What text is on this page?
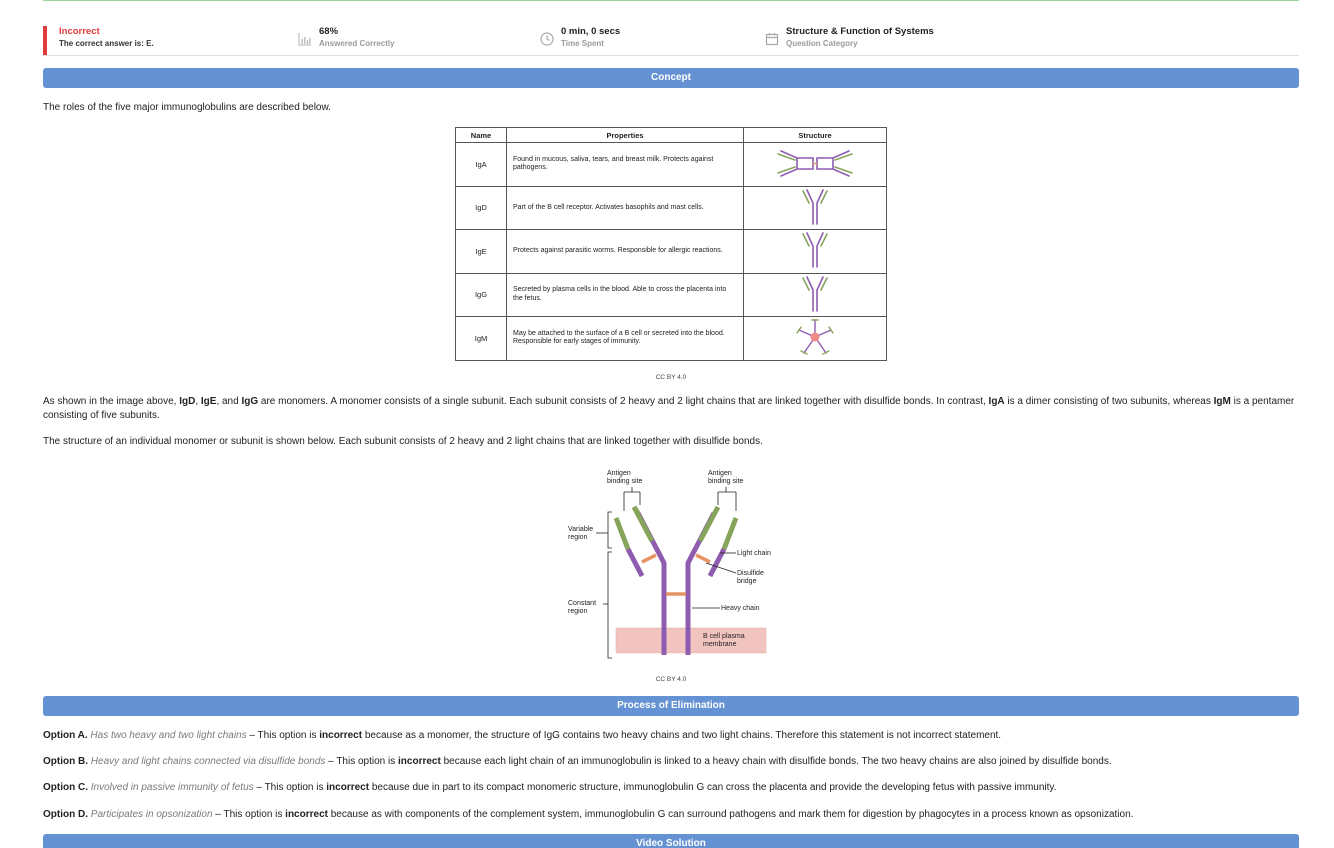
Incorrect
The correct answer is: E.
68%
Answered Correctly
0 min, 0 secs
Time Spent
Structure & Function of Systems
Question Category
Concept
The roles of the five major immunoglobulins are described below.
Name	Properties	Structure
IgA	Found in mucous, saliva, tears, and breast milk. Protects against pathogens.	
IgD	Part of the B cell receptor. Activates basophils and mast cells.	
IgE	Protects against parasitic worms. Responsible for allergic reactions.	
IgG	Secreted by plasma cells in the blood. Able to cross the placenta into the fetus.	
IgM	May be attached to the surface of a B cell or secreted into the blood. Responsible for early stages of immunity.	
CC BY 4.0
As shown in the image above, IgD, IgE, and IgG are monomers. A monomer consists of a single subunit. Each subunit consists of 2 heavy and 2 light chains that are linked together with disulfide bonds. In contrast, IgA is a dimer consisting of two subunits, whereas IgM is a pentamer consisting of five subunits.
The structure of an individual monomer or subunit is shown below. Each subunit consists of 2 heavy and 2 light chains that are linked together with disulfide bonds.
Antigen
binding site
Antigen
binding site
Variable
region
Constant
region
Light chain
Disulfide
bridge
Heavy chain
B cell plasma
membrane
CC BY 4.0
Process of Elimination
Option A. Has two heavy and two light chains – This option is incorrect because as a monomer, the structure of IgG contains two heavy chains and two light chains. Therefore this statement is not incorrect statement.
Option B. Heavy and light chains connected via disulfide bonds – This option is incorrect because each light chain of an immunoglobulin is linked to a heavy chain with disulfide bonds. The two heavy chains are also joined by disulfide bonds.
Option C. Involved in passive immunity of fetus – This option is incorrect because due in part to its compact monomeric structure, immunoglobulin G can cross the placenta and provide the developing fetus with passive immunity.
Option D. Participates in opsonization – This option is incorrect because as with components of the complement system, immunoglobulin G can surround pathogens and mark them for digestion by phagocytes in a process known as opsonization.
Video Solution
